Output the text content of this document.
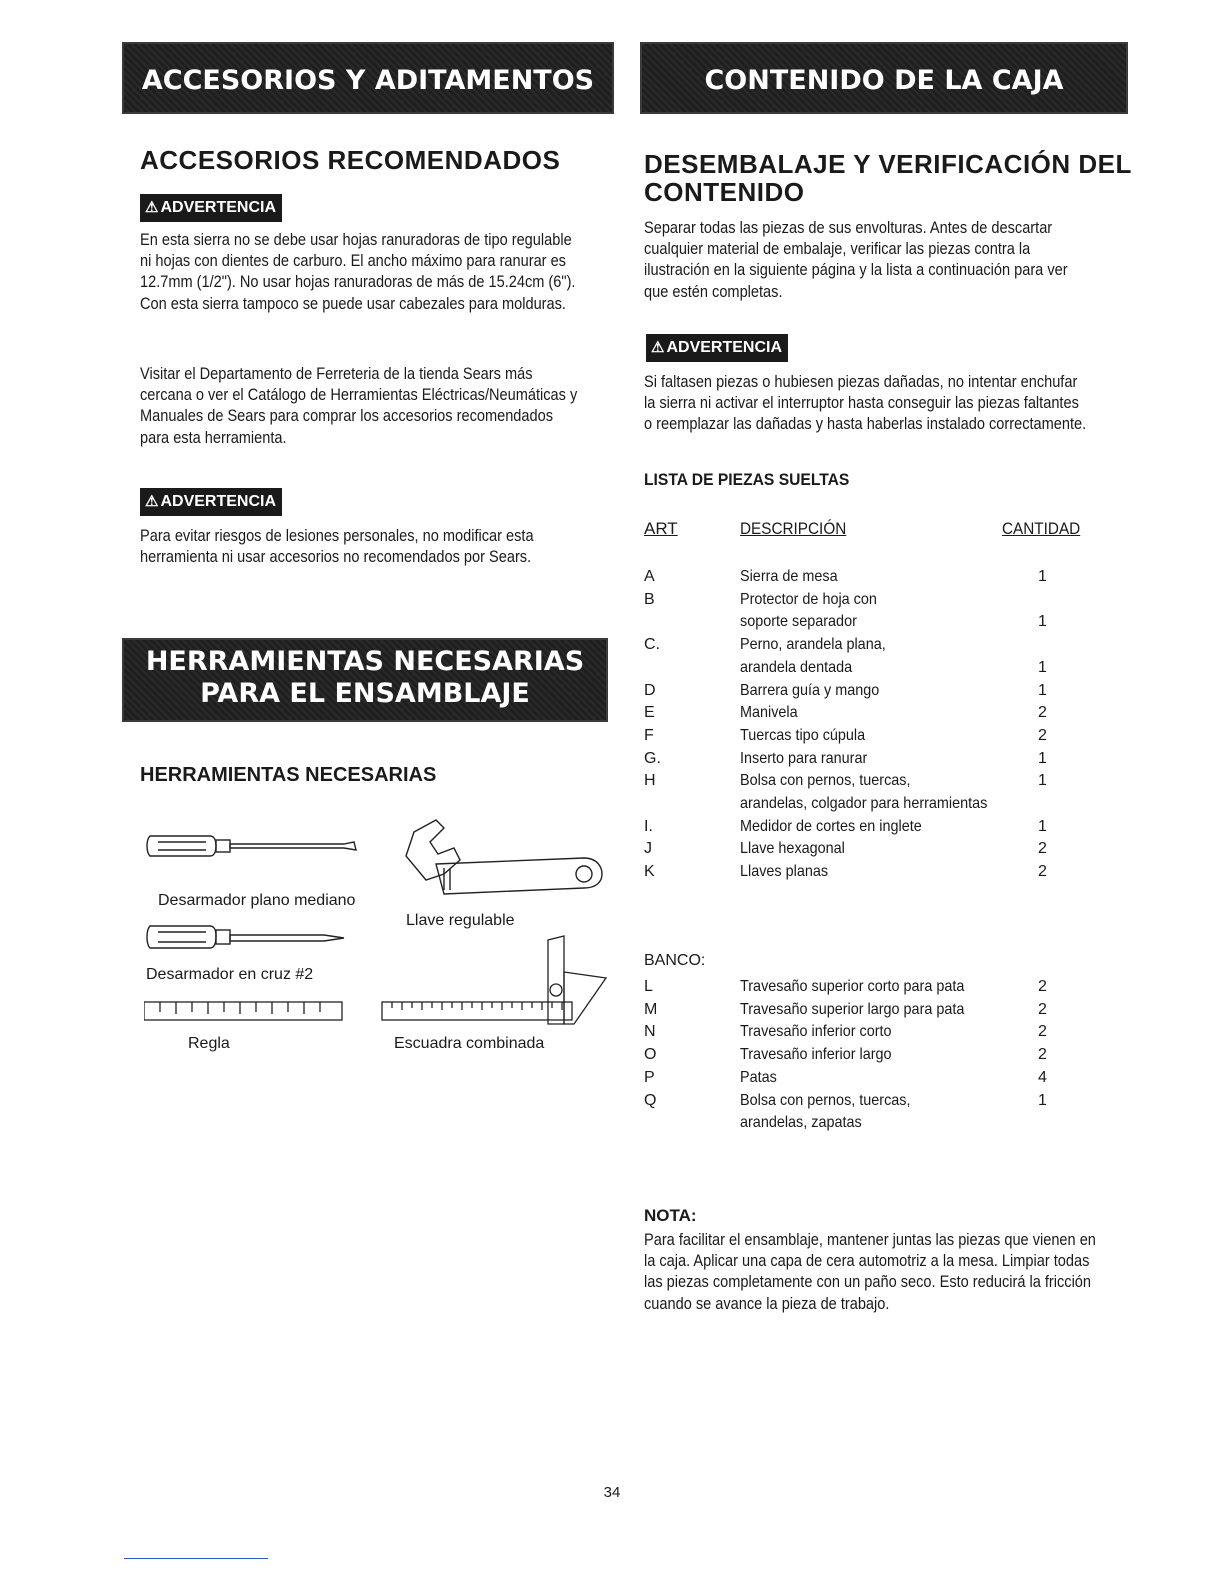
ACCESORIOS Y ADITAMENTOS
ACCESORIOS RECOMENDADOS
⚠ ADVERTENCIA

En esta sierra no se debe usar hojas ranuradoras de tipo regulable ni hojas con dientes de carburo. El ancho máximo para ranurar es 12.7mm (1/2"). No usar hojas ranuradoras de más de 15.24cm (6"). Con esta sierra tampoco se puede usar cabezales para molduras.

Visitar el Departamento de Ferreteria de la tienda Sears más cercana o ver el Catálogo de Herramientas Eléctricas/Neumáticas y Manuales de Sears para comprar los accesorios recomendados para esta herramienta.

⚠ ADVERTENCIA

Para evitar riesgos de lesiones personales, no modificar esta herramienta ni usar accesorios no recomendados por Sears.

HERRAMIENTAS NECESARIAS
PARA EL ENSAMBLAJE
HERRAMIENTAS NECESARIAS
Desarmador plano mediano
Llave regulable
Desarmador en cruz #2
Regla	Escuadra combinada
CONTENIDO DE LA CAJA
DESEMBALAJE Y VERIFICACIÓN DEL
CONTENIDO

Separar todas las piezas de sus envolturas. Antes de descartar cualquier material de embalaje, verificar las piezas contra la ilustración en la siguiente página y la lista a continuación para ver que estén completas.

⚠ ADVERTENCIA

Si faltasen piezas o hubiesen piezas dañadas, no intentar enchufar la sierra ni activar el interruptor hasta conseguir las piezas faltantes o reemplazar las dañadas y hasta haberlas instalado correctamente.

LISTA DE PIEZAS SUELTAS
ART	DESCRIPCIÓN	CANTIDAD
A	Sierra de mesa	1
B	Protector de hoja con
soporte separador	1
C.	Perno, arandela plana,
arandela dentada	1
D	Barrera guía y mango	1
E	Manivela	2
F	Tuercas tipo cúpula	2
G.	Inserto para ranurar	1
H	Bolsa con pernos, tuercas,	1
arandelas, colgador para herramientas
I.	Medidor de cortes en inglete	1
J	Llave hexagonal	2
K	Llaves planas	2
BANCO:
L	Travesaño superior corto para pata	2
M	Travesaño superior largo para pata	2
N	Travesaño inferior corto	2
O	Travesaño inferior largo	2
P	Patas	4
Q	Bolsa con pernos, tuercas,	1
arandelas, zapatas
NOTA:

Para facilitar el ensamblaje, mantener juntas las piezas que vienen en la caja. Aplicar una capa de cera automotriz a la mesa. Limpiar todas las piezas completamente con un paño seco. Esto reducirá la fricción cuando se avance la pieza de trabajo.

34
